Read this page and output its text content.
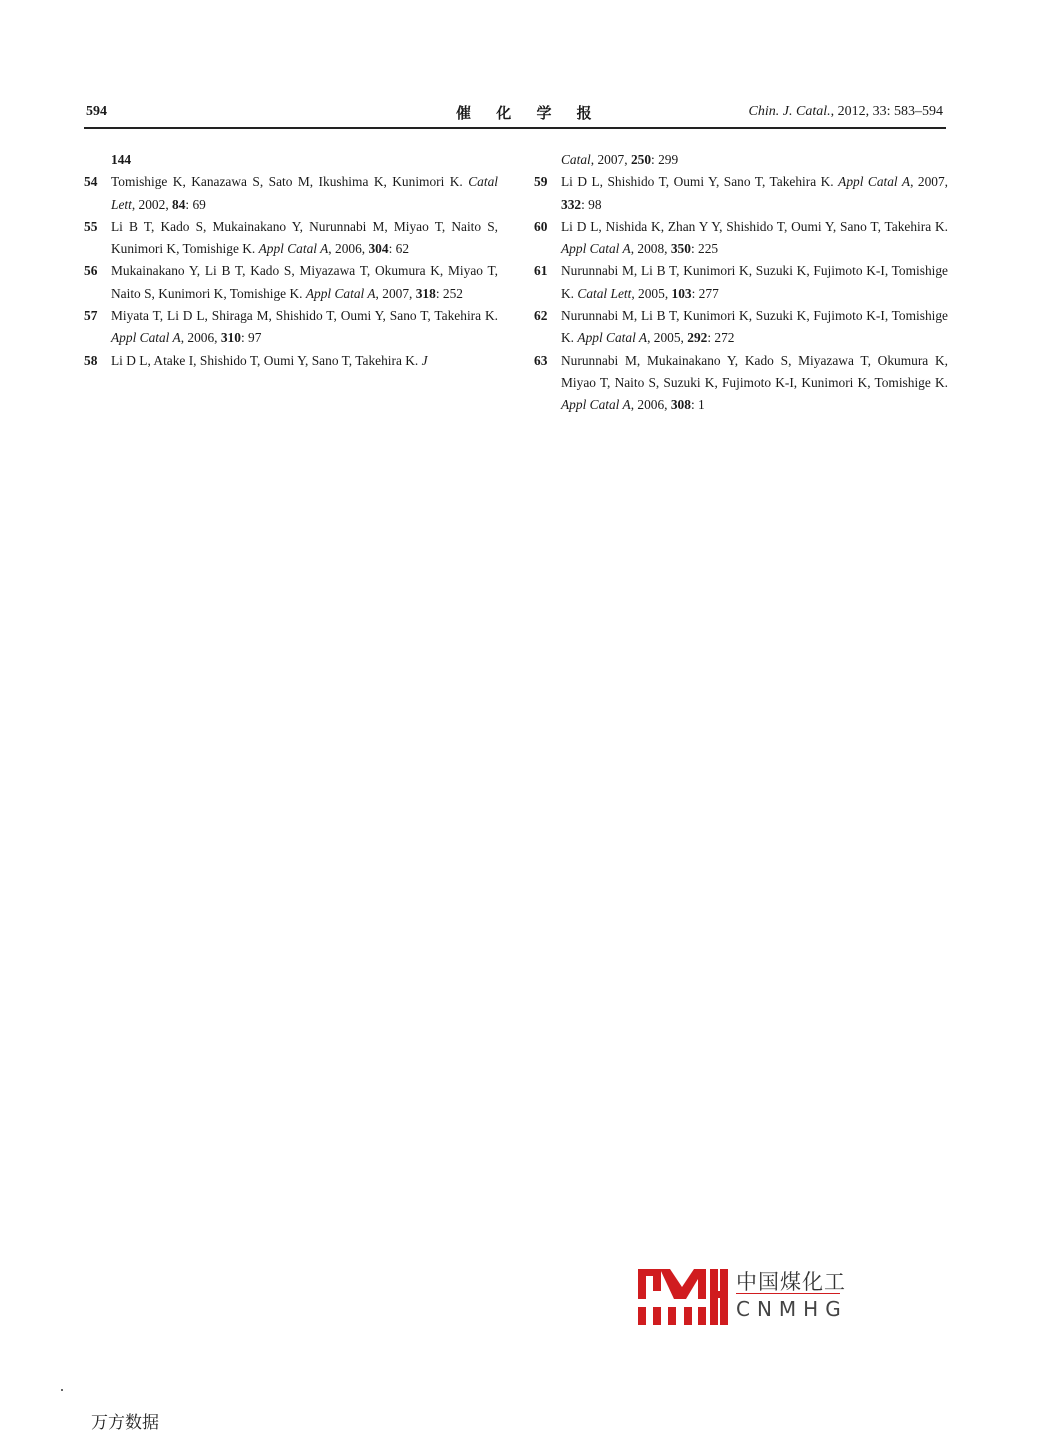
594	催 化 学 报	Chin. J. Catal., 2012, 33: 583–594
144
54	Tomishige K, Kanazawa S, Sato M, Ikushima K, Kunimori K. Catal Lett, 2002, 84: 69
55	Li B T, Kado S, Mukainakano Y, Nurunnabi M, Miyao T, Naito S, Kunimori K, Tomishige K. Appl Catal A, 2006, 304: 62
56	Mukainakano Y, Li B T, Kado S, Miyazawa T, Okumura K, Miyao T, Naito S, Kunimori K, Tomishige K. Appl Catal A, 2007, 318: 252
57	Miyata T, Li D L, Shiraga M, Shishido T, Oumi Y, Sano T, Takehira K. Appl Catal A, 2006, 310: 97
58	Li D L, Atake I, Shishido T, Oumi Y, Sano T, Takehira K. J
Catal, 2007, 250: 299
59	Li D L, Shishido T, Oumi Y, Sano T, Takehira K. Appl Catal A, 2007, 332: 98
60	Li D L, Nishida K, Zhan Y Y, Shishido T, Oumi Y, Sano T, Takehira K. Appl Catal A, 2008, 350: 225
61	Nurunnabi M, Li B T, Kunimori K, Suzuki K, Fujimoto K-I, Tomishige K. Catal Lett, 2005, 103: 277
62	Nurunnabi M, Li B T, Kunimori K, Suzuki K, Fujimoto K-I, Tomishige K. Appl Catal A, 2005, 292: 272
63	Nurunnabi M, Mukainakano Y, Kado S, Miyazawa T, Okumura K, Miyao T, Naito S, Suzuki K, Fujimoto K-I, Kunimori K, Tomishige K. Appl Catal A, 2006, 308: 1
中国煤化工
CNMHG
万方数据
